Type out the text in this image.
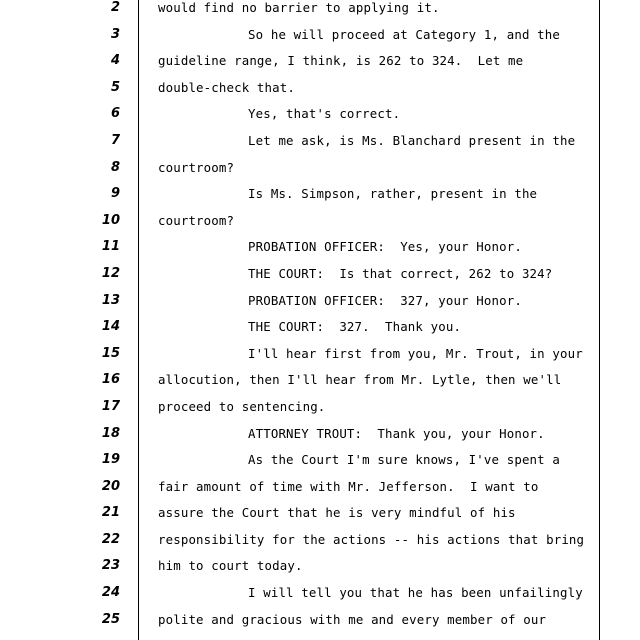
2	would find no barrier to applying it.
3	So he will proceed at Category 1, and the
4	guideline range, I think, is 262 to 324.  Let me
5	double-check that.
6	Yes, that's correct.
7	Let me ask, is Ms. Blanchard present in the
8	courtroom?
9	Is Ms. Simpson, rather, present in the
10	courtroom?
11	PROBATION OFFICER:  Yes, your Honor.
12	THE COURT:  Is that correct, 262 to 324?
13	PROBATION OFFICER:  327, your Honor.
14	THE COURT:  327.  Thank you.
15	I'll hear first from you, Mr. Trout, in your
16	allocution, then I'll hear from Mr. Lytle, then we'll
17	proceed to sentencing.
18	ATTORNEY TROUT:  Thank you, your Honor.
19	As the Court I'm sure knows, I've spent a
20	fair amount of time with Mr. Jefferson.  I want to
21	assure the Court that he is very mindful of his
22	responsibility for the actions -- his actions that bring
23	him to court today.
24	I will tell you that he has been unfailingly
25	polite and gracious with me and every member of our
